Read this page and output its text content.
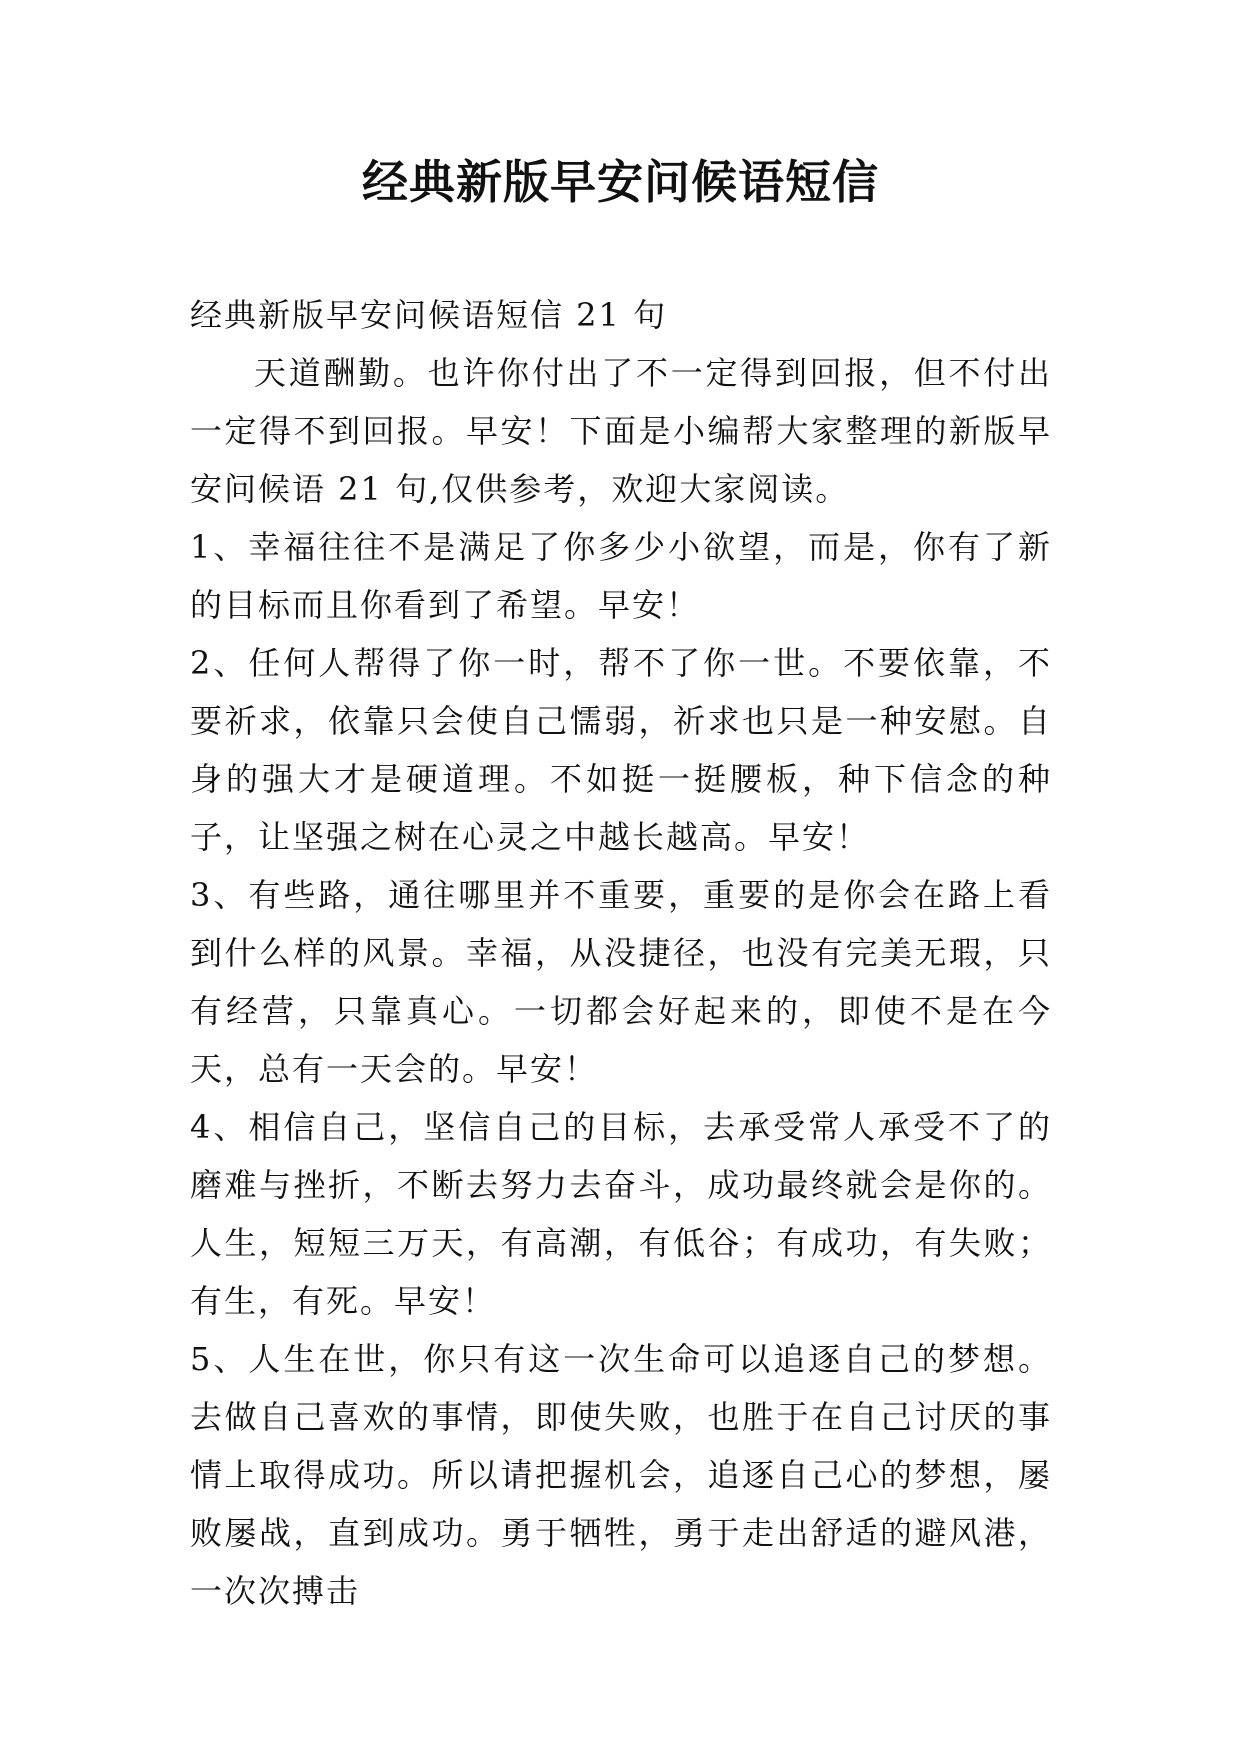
经典新版早安问候语短信

经典新版早安问候语短信 21 句

天道酬勤。也许你付出了不一定得到回报，但不付出一定得不到回报。早安！下面是小编帮大家整理的新版早安问候语 21 句,仅供参考，欢迎大家阅读。

1、幸福往往不是满足了你多少小欲望，而是，你有了新的目标而且你看到了希望。早安！

2、任何人帮得了你一时，帮不了你一世。不要依靠，不要祈求，依靠只会使自己懦弱，祈求也只是一种安慰。自身的强大才是硬道理。不如挺一挺腰板，种下信念的种子，让坚强之树在心灵之中越长越高。早安！

3、有些路，通往哪里并不重要，重要的是你会在路上看到什么样的风景。幸福，从没捷径，也没有完美无瑕，只有经营，只靠真心。一切都会好起来的，即使不是在今天，总有一天会的。早安！

4、相信自己，坚信自己的目标，去承受常人承受不了的磨难与挫折，不断去努力去奋斗，成功最终就会是你的。人生，短短三万天，有高潮，有低谷；有成功，有失败；有生，有死。早安！

5、人生在世，你只有这一次生命可以追逐自己的梦想。去做自己喜欢的事情，即使失败，也胜于在自己讨厌的事情上取得成功。所以请把握机会，追逐自己心的梦想，屡败屡战，直到成功。勇于牺牲，勇于走出舒适的避风港，一次次搏击
